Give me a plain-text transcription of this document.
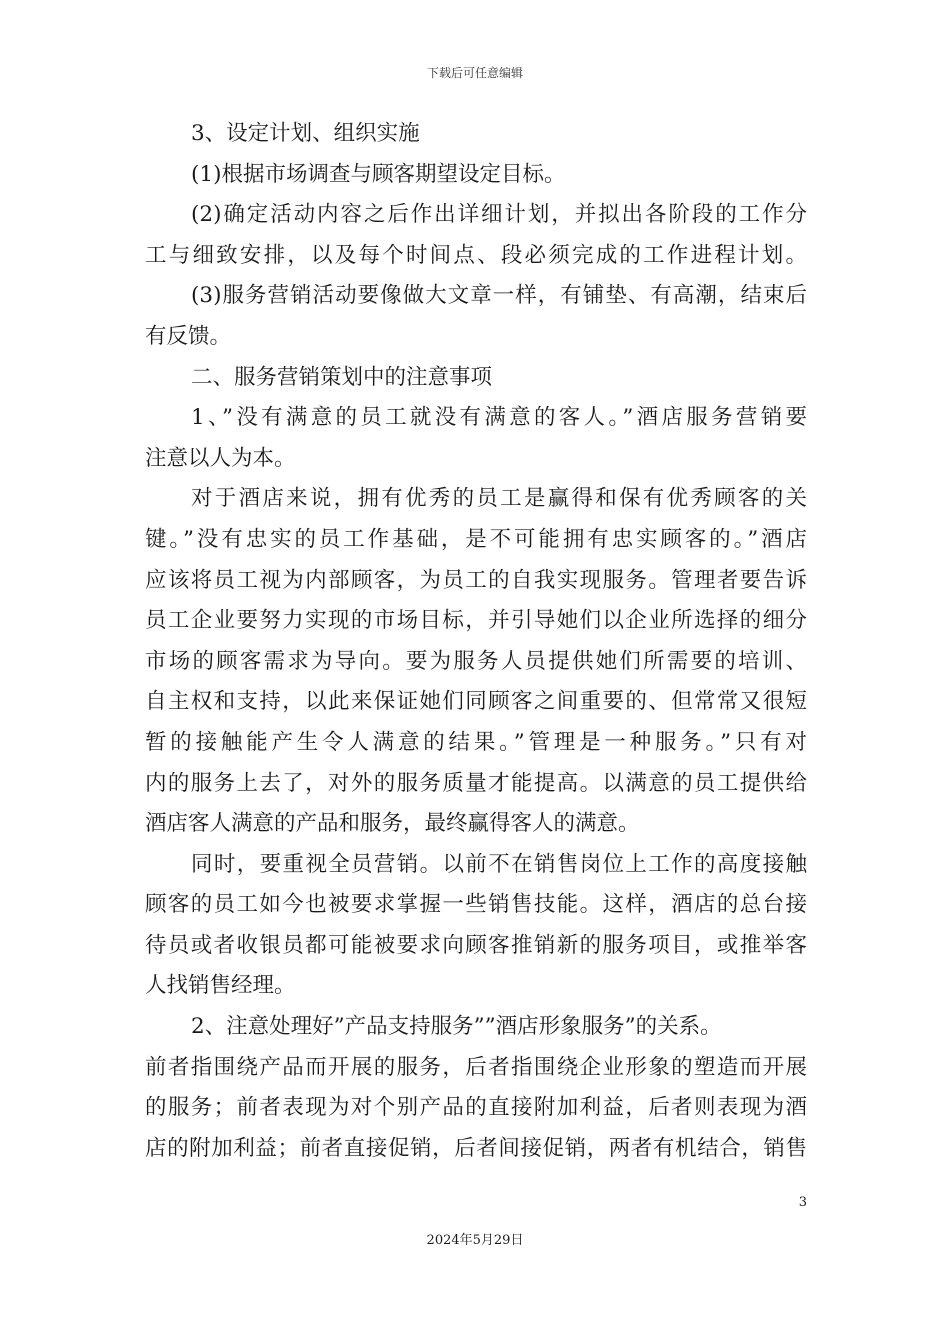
下载后可任意编辑
3、设定计划、组织实施
(1)根据市场调查与顾客期望设定目标。
(2)确定活动内容之后作出详细计划，并拟出各阶段的工作分
工与细致安排，以及每个时间点、段必须完成的工作进程计划。
(3)服务营销活动要像做大文章一样，有铺垫、有高潮，结束后
有反馈。
二、服务营销策划中的注意事项
1、”没有满意的员工就没有满意的客人。”酒店服务营销要
注意以人为本。
对于酒店来说，拥有优秀的员工是赢得和保有优秀顾客的关
键。”没有忠实的员工作基础，是不可能拥有忠实顾客的。”酒店
应该将员工视为内部顾客，为员工的自我实现服务。管理者要告诉
员工企业要努力实现的市场目标，并引导她们以企业所选择的细分
市场的顾客需求为导向。要为服务人员提供她们所需要的培训、
自主权和支持，以此来保证她们同顾客之间重要的、但常常又很短
暂的接触能产生令人满意的结果。”管理是一种服务。”只有对
内的服务上去了，对外的服务质量才能提高。以满意的员工提供给
酒店客人满意的产品和服务，最终赢得客人的满意。
同时，要重视全员营销。以前不在销售岗位上工作的高度接触
顾客的员工如今也被要求掌握一些销售技能。这样，酒店的总台接
待员或者收银员都可能被要求向顾客推销新的服务项目，或推举客
人找销售经理。
2、注意处理好”产品支持服务””酒店形象服务”的关系。
前者指围绕产品而开展的服务，后者指围绕企业形象的塑造而开展
的服务；前者表现为对个别产品的直接附加利益，后者则表现为酒
店的附加利益；前者直接促销，后者间接促销，两者有机结合，销售
3
2024年5月29日
